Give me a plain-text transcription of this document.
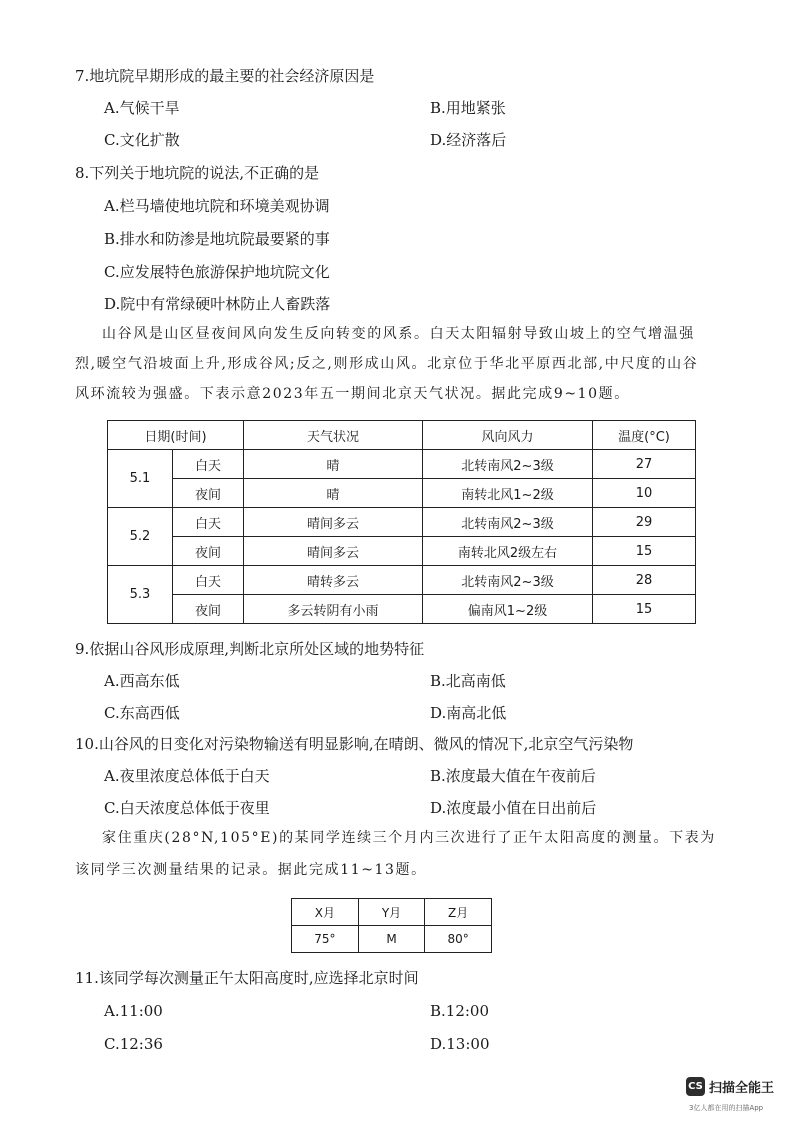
7.地坑院早期形成的最主要的社会经济原因是
A.气候干旱	B.用地紧张
C.文化扩散	D.经济落后
8.下列关于地坑院的说法,不正确的是
A.栏马墙使地坑院和环境美观协调
B.排水和防渗是地坑院最要紧的事
C.应发展特色旅游保护地坑院文化
D.院中有常绿硬叶林防止人畜跌落
山谷风是山区昼夜间风向发生反向转变的风系。白天太阳辐射导致山坡上的空气增温强
烈,暖空气沿坡面上升,形成谷风;反之,则形成山风。北京位于华北平原西北部,中尺度的山谷
风环流较为强盛。下表示意2023年五一期间北京天气状况。据此完成9~10题。
日期(时间)		天气状况	风向风力	温度(°C)
5.1	白天	晴	北转南风2~3级	27
	夜间	晴	南转北风1~2级	10
5.2	白天	晴间多云	北转南风2~3级	29
	夜间	晴间多云	南转北风2级左右	15
5.3	白天	晴转多云	北转南风2~3级	28
	夜间	多云转阴有小雨	偏南风1~2级	15
9.依据山谷风形成原理,判断北京所处区域的地势特征
A.西高东低	B.北高南低
C.东高西低	D.南高北低
10.山谷风的日变化对污染物输送有明显影响,在晴朗、微风的情况下,北京空气污染物
A.夜里浓度总体低于白天	B.浓度最大值在午夜前后
C.白天浓度总体低于夜里	D.浓度最小值在日出前后
家住重庆(28°N,105°E)的某同学连续三个月内三次进行了正午太阳高度的测量。下表为
该同学三次测量结果的记录。据此完成11~13题。
X月	Y月	Z月
75°	M	80°
11.该同学每次测量正午太阳高度时,应选择北京时间
A.11:00	B.12:00
C.12:36	D.13:00
CS 扫描全能王
3亿人都在用的扫描App
